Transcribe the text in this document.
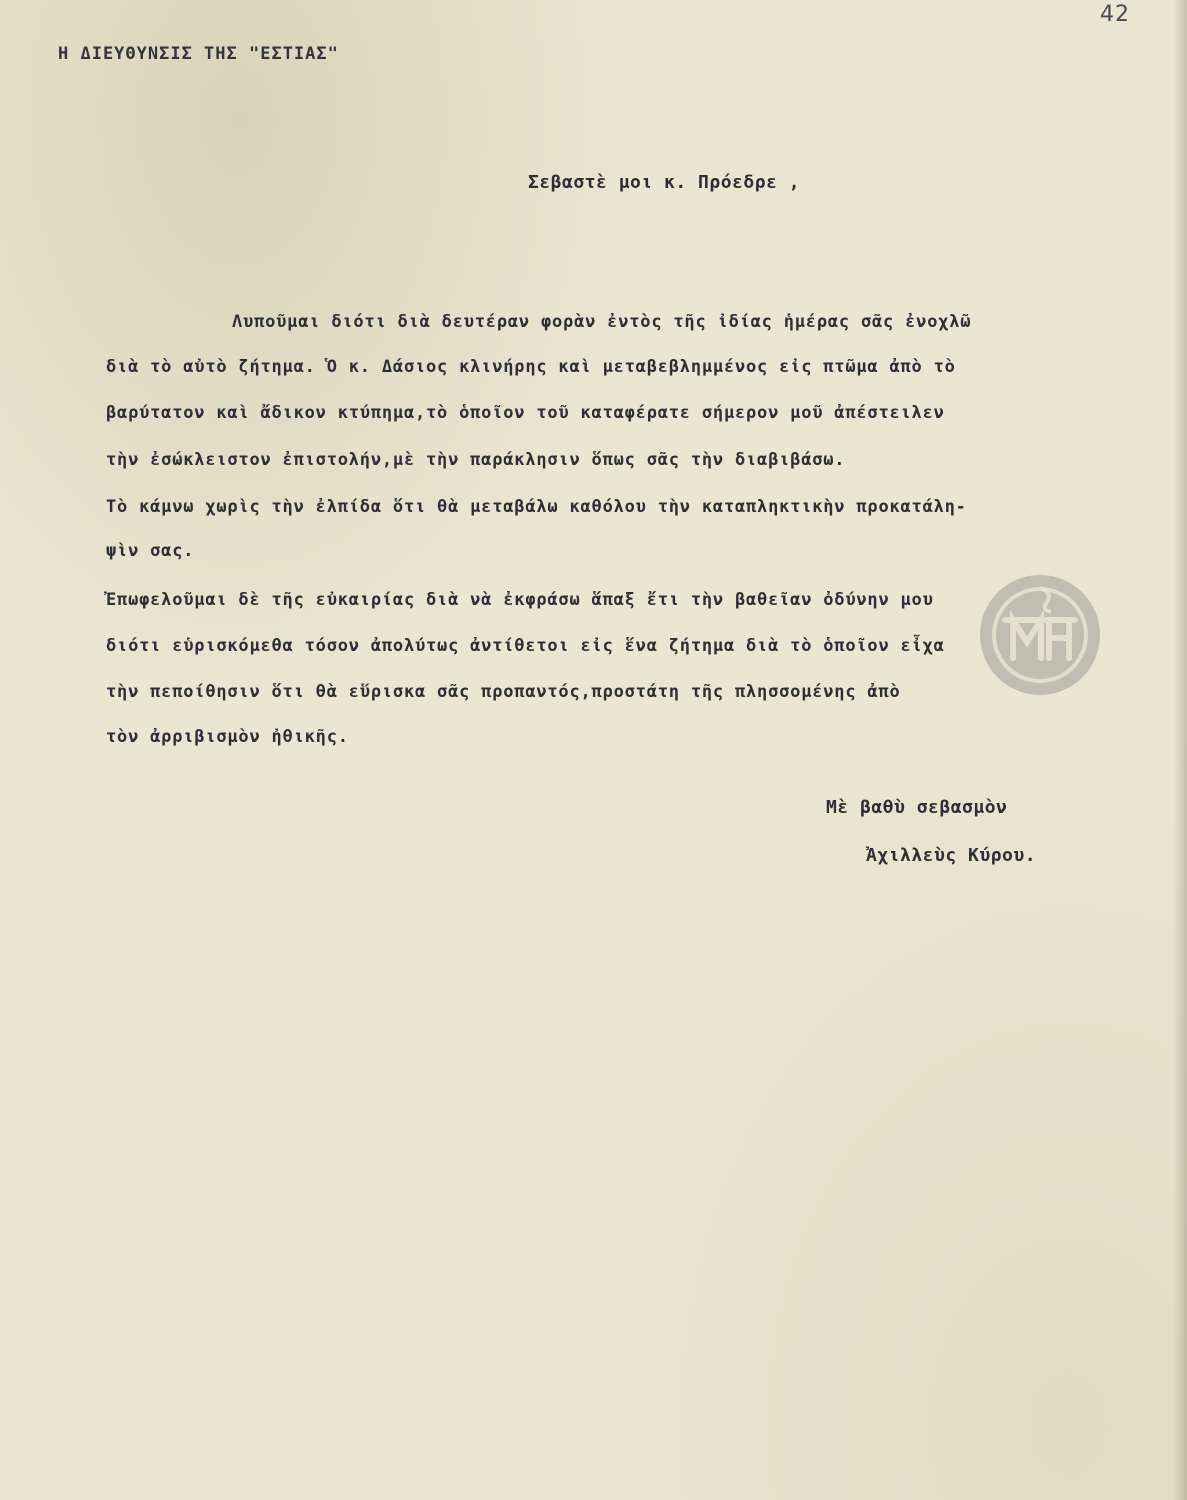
42
Η ΔΙΕΥΘΥΝΣΙΣ ΤΗΣ "ΕΣΤΙΑΣ"
Σεβαστὲ μοι κ. Πρόεδρε ,
Λυποῦμαι διότι διὰ δευτέραν φορὰν ἐντὸς τῆς ἰδίας ἡμέρας σᾶς ἐνοχλῶ
διὰ τὸ αὐτὸ ζήτημα. Ὁ κ. Δάσιος κλινήρης καὶ μεταβεβλημμένος εἰς πτῶμα ἀπὸ τὸ
βαρύτατον καὶ ἄδικον κτύπημα,τὸ ὁποῖον τοῦ καταφέρατε σήμερον μοῦ ἀπέστειλεν
τὴν ἐσώκλειστον ἐπιστολήν,μὲ τὴν παράκλησιν ὅπως σᾶς τὴν διαβιβάσω.
Τὸ κάμνω χωρὶς τὴν ἐλπίδα ὅτι θὰ μεταβάλω καθόλου τὴν καταπληκτικὴν προκατάλη-
ψὶν σας.
Ἐπωφελοῦμαι δὲ τῆς εὐκαιρίας διὰ νὰ ἐκφράσω ἅπαξ ἔτι τὴν βαθεῖαν ὀδύνην μου
διότι εὑρισκόμεθα τόσον ἀπολύτως ἀντίθετοι εἰς ἕνα ζήτημα διὰ τὸ ὁποῖον εἶχα
τὴν πεποίθησιν ὅτι θὰ εὕρισκα σᾶς προπαντός,προστάτη τῆς πλησσομένης ἀπὸ
τὸν ἀρριβισμὸν ἠθικῆς.
Μὲ βαθὺ σεβασμὸν
Ἀχιλλεὺς Κύρου.
